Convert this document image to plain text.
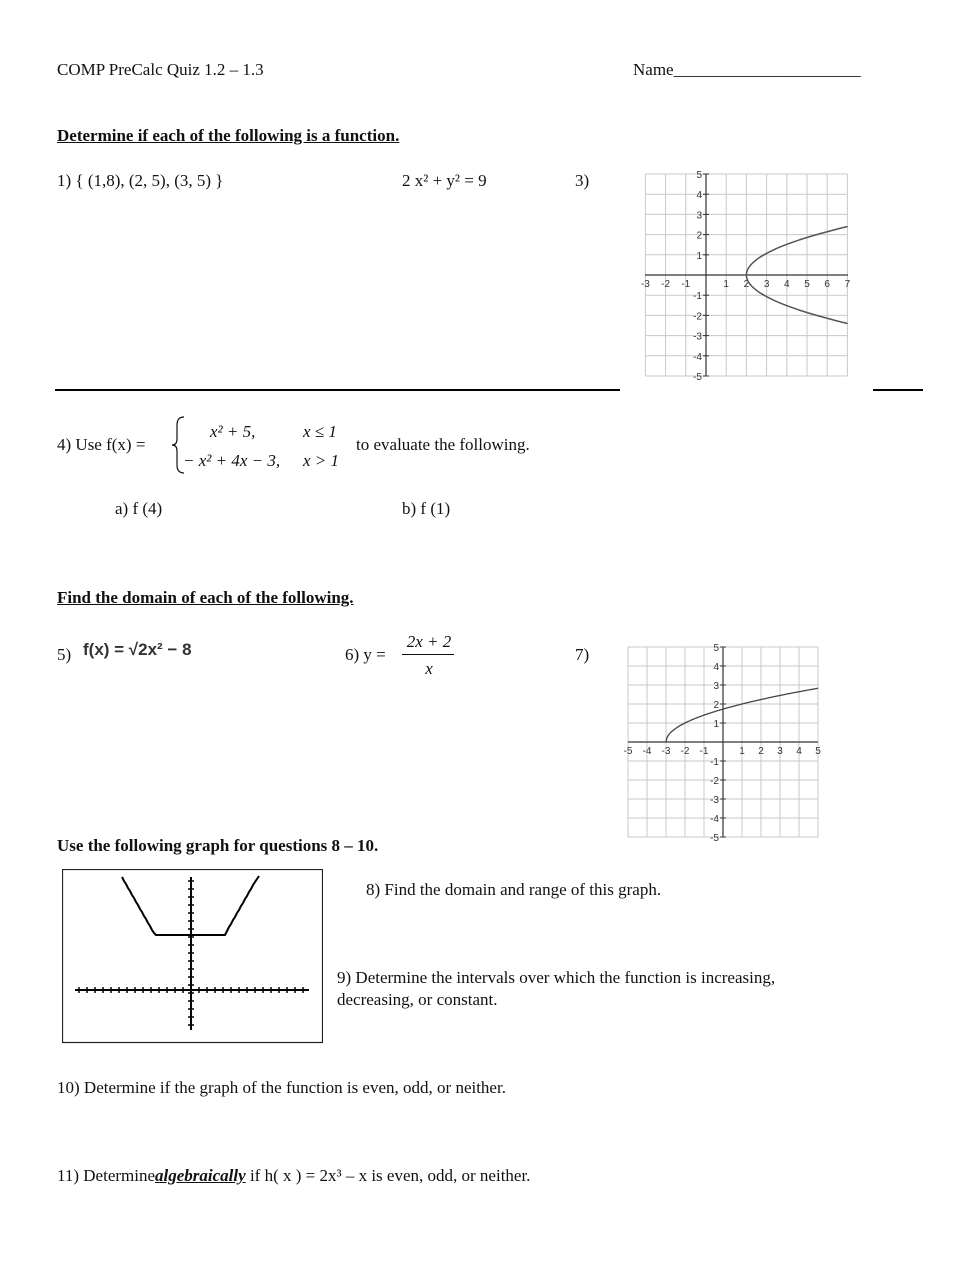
COMP PreCalc Quiz 1.2 – 1.3	Name______________________
Determine if each of the following is a function.
1) { (1,8), (2, 5), (3, 5) }	2 x² + y² = 9	3)
-3 -2 -1	1 2 3 4 5 6 7
5
4
3
2
1
-1
-2
-3
-4
-5
4) Use f(x) =
x² + 5,	x ≤ 1
− x² + 4x − 3, x > 1
to evaluate the following.
a) f (4)	b) f (1)
Find the domain of each of the following.
5) f(x) = √2x² − 8	6) y =
2x + 2
x
7)
-5 -4 -3 -2 -1	1 2 3 4 5
5
4
3
2
1
-1
-2
-3
-4
-5
Use the following graph for questions 8 – 10.
8) Find the domain and range of this graph.
9) Determine the intervals over which the function is increasing,
decreasing, or constant.
10) Determine if the graph of the function is even, odd, or neither.
11) Determinealgebraically if h( x ) = 2x³ – x is even, odd, or neither.
